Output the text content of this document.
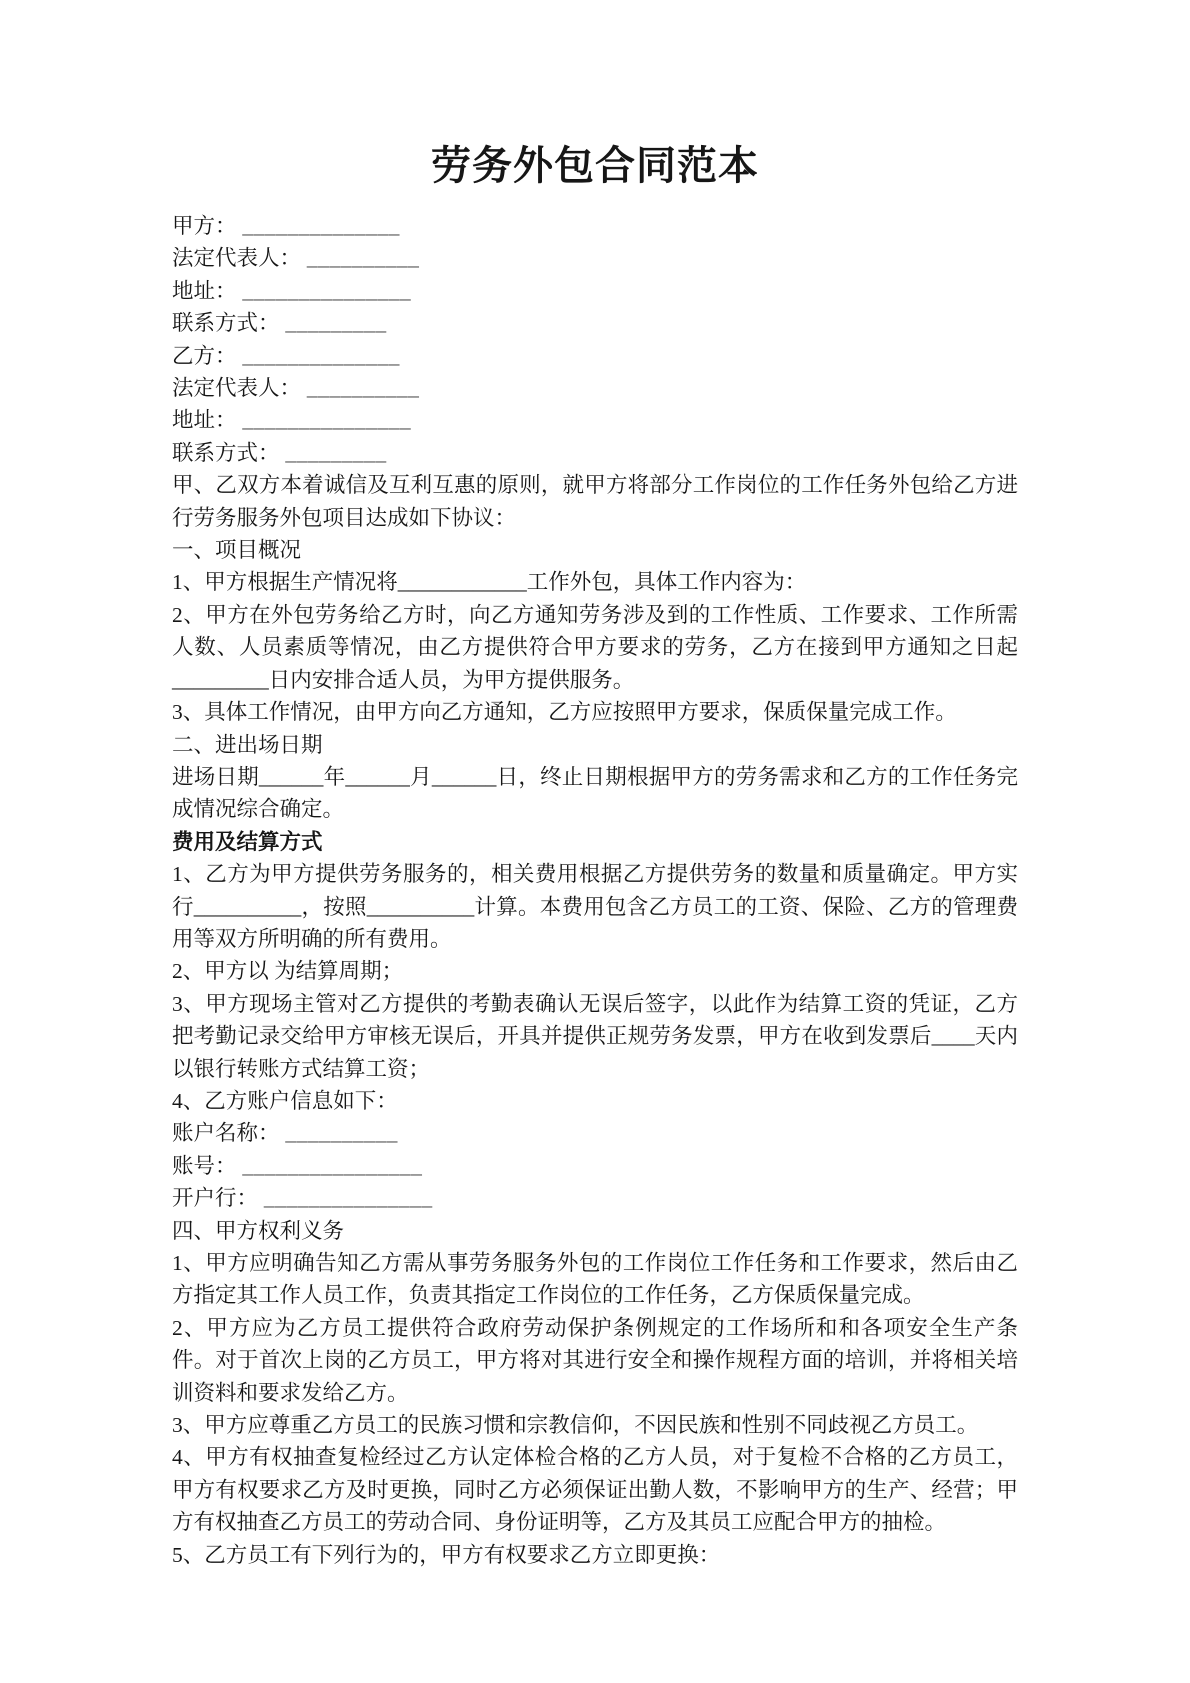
劳务外包合同范本
甲方： ______________
法定代表人： __________
地址： _______________
联系方式： _________
乙方： ______________
法定代表人： __________
地址： _______________
联系方式： _________

甲、乙双方本着诚信及互利互惠的原则，就甲方将部分工作岗位的工作任务外包给乙方进行劳务服务外包项目达成如下协议：

一、项目概况

1、甲方根据生产情况将____________工作外包，具体工作内容为：

2、甲方在外包劳务给乙方时，向乙方通知劳务涉及到的工作性质、工作要求、工作所需人数、人员素质等情况，由乙方提供符合甲方要求的劳务，乙方在接到甲方通知之日起_________日内安排合适人员，为甲方提供服务。

3、具体工作情况，由甲方向乙方通知，乙方应按照甲方要求，保质保量完成工作。

二、进出场日期

进场日期______年______月______日，终止日期根据甲方的劳务需求和乙方的工作任务完成情况综合确定。

费用及结算方式

1、乙方为甲方提供劳务服务的，相关费用根据乙方提供劳务的数量和质量确定。甲方实行__________，按照__________计算。本费用包含乙方员工的工资、保险、乙方的管理费用等双方所明确的所有费用。

2、甲方以 为结算周期；

3、甲方现场主管对乙方提供的考勤表确认无误后签字，以此作为结算工资的凭证，乙方把考勤记录交给甲方审核无误后，开具并提供正规劳务发票，甲方在收到发票后____天内以银行转账方式结算工资；

4、乙方账户信息如下：

账户名称： __________
账号： ________________
开户行： _______________

四、甲方权利义务

1、甲方应明确告知乙方需从事劳务服务外包的工作岗位工作任务和工作要求，然后由乙方指定其工作人员工作，负责其指定工作岗位的工作任务，乙方保质保量完成。

2、甲方应为乙方员工提供符合政府劳动保护条例规定的工作场所和和各项安全生产条件。对于首次上岗的乙方员工，甲方将对其进行安全和操作规程方面的培训，并将相关培训资料和要求发给乙方。

3、甲方应尊重乙方员工的民族习惯和宗教信仰，不因民族和性别不同歧视乙方员工。

4、甲方有权抽查复检经过乙方认定体检合格的乙方人员，对于复检不合格的乙方员工，甲方有权要求乙方及时更换，同时乙方必须保证出勤人数，不影响甲方的生产、经营；甲方有权抽查乙方员工的劳动合同、身份证明等，乙方及其员工应配合甲方的抽检。

5、乙方员工有下列行为的，甲方有权要求乙方立即更换：
